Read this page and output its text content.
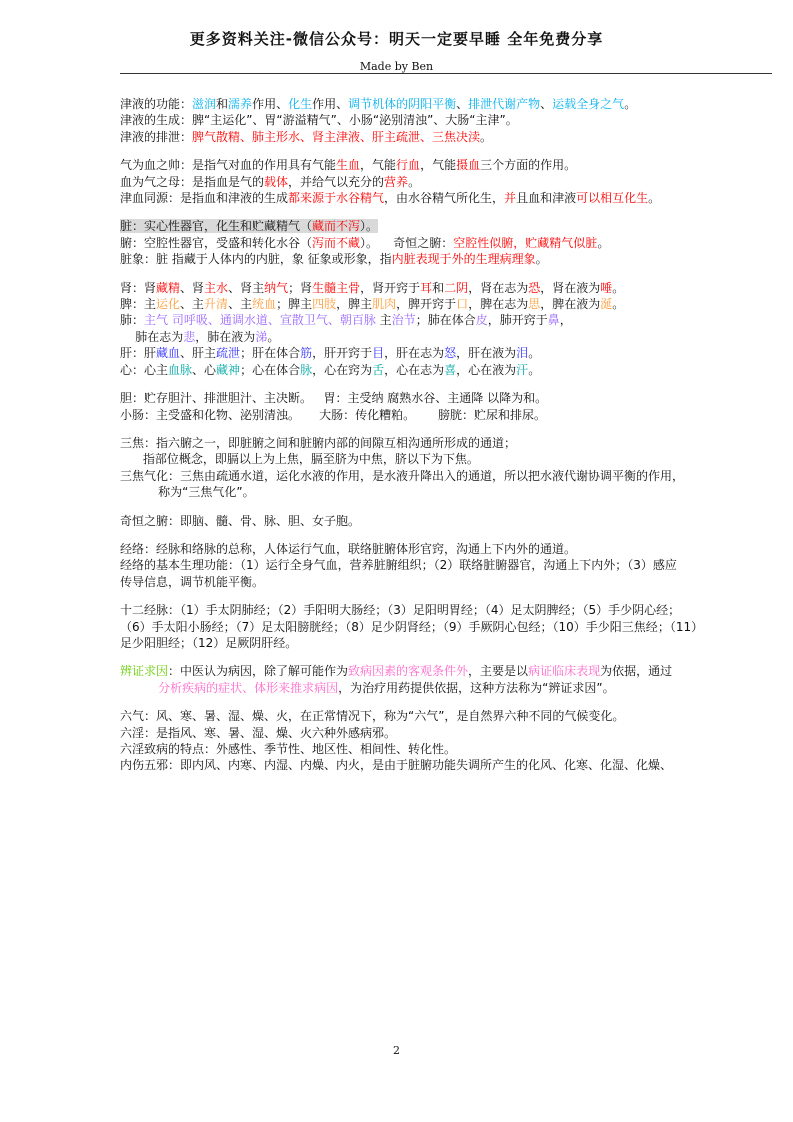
更多资料关注-微信公众号：明天一定要早睡 全年免费分享
Made by Ben
津液的功能：滋润和濡养作用、化生作用、调节机体的阴阳平衡、排泄代谢产物、运载全身之气。
津液的生成：脾“主运化”、胃“游溢精气”、小肠“泌别清浊”、大肠“主津”。
津液的排泄：脾气散精、肺主形水、肾主津液、肝主疏泄、三焦决渎。
气为血之帅：是指气对血的作用具有气能生血，气能行血，气能摄血三个方面的作用。
血为气之母：是指血是气的载体，并给气以充分的营养。
津血同源：是指血和津液的生成都来源于水谷精气，由水谷精气所化生，并且血和津液可以相互化生。
脏：实心性器官，化生和贮藏精气（藏而不泻）。
腑：空腔性器官，受盛和转化水谷（泻而不藏）。    奇恒之腑：空腔性似腑，贮藏精气似脏。
脏象：脏 指藏于人体内的内脏，象 征象或形象，指内脏表现于外的生理病理象。
肾：肾藏精、肾主水、肾主纳气；肾生髓主骨，肾开窍于耳和二阴，肾在志为恐，肾在液为唾。
脾：主运化、主升清、主统血；脾主四肢，脾主肌肉，脾开窍于口，脾在志为思，脾在液为涎。
肺：主气 司呼吸、通调水道、宣散卫气、朝百脉 主治节；肺在体合皮，肺开窍于鼻，
肺在志为悲，肺在液为涕。
肝：肝藏血、肝主疏泄；肝在体合筋，肝开窍于目，肝在志为怒，肝在液为泪。
心：心主血脉、心藏神；心在体合脉，心在窍为舌，心在志为喜，心在液为汗。
胆：贮存胆汁、排泄胆汁、主决断。   胃：主受纳 腐熟水谷、主通降 以降为和。
小肠：主受盛和化物、泌别清浊。     大肠：传化糟粕。      膀胱：贮尿和排尿。
三焦：指六腑之一，即脏腑之间和脏腑内部的间隙互相沟通所形成的通道；
指部位概念，即膈以上为上焦，膈至脐为中焦，脐以下为下焦。
三焦气化：三焦由疏通水道，运化水液的作用，是水液升降出入的通道，所以把水液代谢协调平衡的作用，
称为“三焦气化”。
奇恒之腑：即脑、髓、骨、脉、胆、女子胞。
经络：经脉和络脉的总称，人体运行气血，联络脏腑体形官窍，沟通上下内外的通道。
经络的基本生理功能：（1）运行全身气血，营养脏腑组织；（2）联络脏腑器官，沟通上下内外；（3）感应
传导信息，调节机能平衡。
十二经脉：（1）手太阴肺经；（2）手阳明大肠经；（3）足阳明胃经；（4）足太阴脾经；（5）手少阴心经；
（6）手太阳小肠经；（7）足太阳膀胱经；（8）足少阴肾经；（9）手厥阴心包经；（10）手少阳三焦经；（11）
足少阳胆经；（12）足厥阴肝经。
辨证求因：中医认为病因，除了解可能作为致病因素的客观条件外，主要是以病证临床表现为依据，通过
分析疾病的症状、体形来推求病因，为治疗用药提供依据，这种方法称为“辨证求因”。
六气：风、寒、暑、湿、燥、火，在正常情况下，称为“六气”，是自然界六种不同的气候变化。
六淫：是指风、寒、暑、湿、燥、火六种外感病邪。
六淫致病的特点：外感性、季节性、地区性、相间性、转化性。
内伤五邪：即内风、内寒、内湿、内燥、内火，是由于脏腑功能失调所产生的化风、化寒、化湿、化燥、
2
